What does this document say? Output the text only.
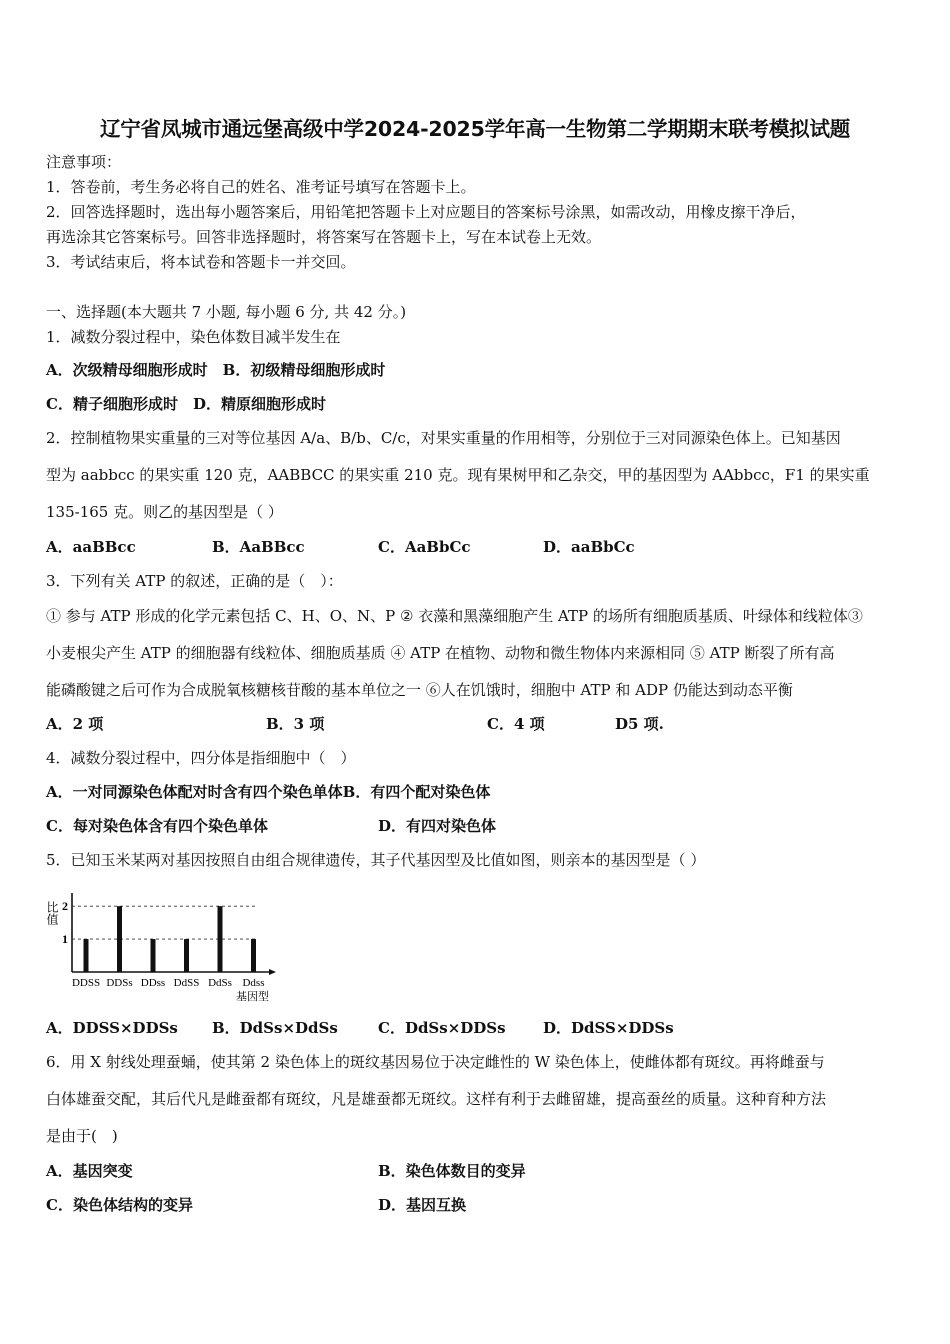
辽宁省凤城市通远堡高级中学2024-2025学年高一生物第二学期期末联考模拟试题
注意事项：
1．答卷前，考生务必将自己的姓名、准考证号填写在答题卡上。
2．回答选择题时，选出每小题答案后，用铅笔把答题卡上对应题目的答案标号涂黑，如需改动，用橡皮擦干净后，
再选涂其它答案标号。回答非选择题时，将答案写在答题卡上，写在本试卷上无效。
3．考试结束后，将本试卷和答题卡一并交回。
一、选择题(本大题共 7 小题, 每小题 6 分, 共 42 分。)
1．减数分裂过程中，染色体数目减半发生在
A．次级精母细胞形成时　B．初级精母细胞形成时
C．精子细胞形成时　D．精原细胞形成时
2．控制植物果实重量的三对等位基因 A/a、B/b、C/c，对果实重量的作用相等，分别位于三对同源染色体上。已知基因
型为 aabbcc 的果实重 120 克，AABBCC 的果实重 210 克。现有果树甲和乙杂交，甲的基因型为 AAbbcc，F1 的果实重
135-165 克。则乙的基因型是（ ）
A．aaBBcc	B．AaBBcc	C．AaBbCc	D．aaBbCc
3．下列有关 ATP 的叙述，正确的是（　）：
① 参与 ATP 形成的化学元素包括 C、H、O、N、P ② 衣藻和黑藻细胞产生 ATP 的场所有细胞质基质、叶绿体和线粒体③
小麦根尖产生 ATP 的细胞器有线粒体、细胞质基质 ④ ATP 在植物、动物和微生物体内来源相同 ⑤ ATP 断裂了所有高
能磷酸键之后可作为合成脱氧核糖核苷酸的基本单位之一 ⑥人在饥饿时，细胞中 ATP 和 ADP 仍能达到动态平衡
A．2 项	B．3 项	C．4 项	D5 项.
4．减数分裂过程中，四分体是指细胞中（　）
A．一对同源染色体配对时含有四个染色单体B．有四个配对染色体
C．每对染色体含有四个染色单体	D．有四对染色体
5．已知玉米某两对基因按照自由组合规律遗传，其子代基因型及比值如图，则亲本的基因型是（ ）
比值
1
2
DDSS DDSs DDss DdSS DdSs Ddss
基因型
A．DDSS×DDSs B．DdSs×DdSs	C．DdSs×DDSs D．DdSS×DDSs
6．用 X 射线处理蚕蛹，使其第 2 染色体上的斑纹基因易位于决定雌性的 W 染色体上，使雌体都有斑纹。再将雌蚕与
白体雄蚕交配，其后代凡是雌蚕都有斑纹，凡是雄蚕都无斑纹。这样有利于去雌留雄，提高蚕丝的质量。这种育种方法
是由于(　)
A．基因突变	B．染色体数目的变异
C．染色体结构的变异	D．基因互换
